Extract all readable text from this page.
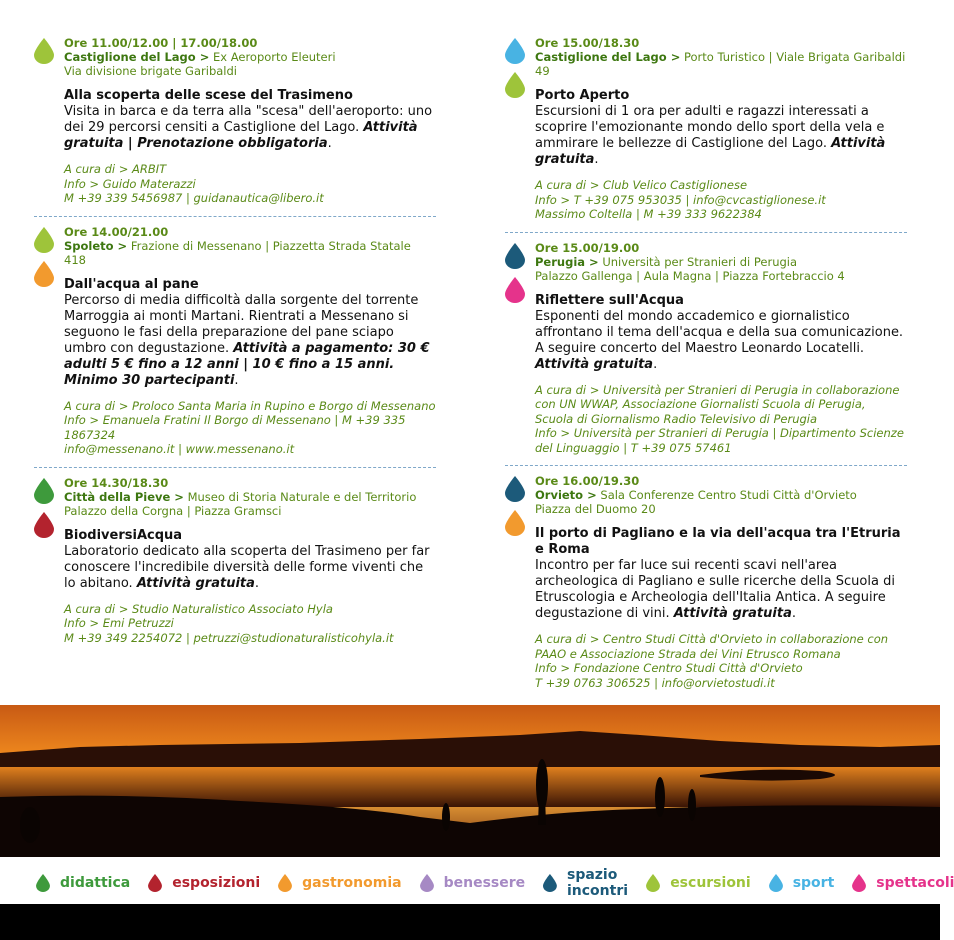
Ore 11.00/12.00 | 17.00/18.00
Castiglione del Lago > Ex Aeroporto Eleuteri
Via divisione brigate Garibaldi
Alla scoperta delle scese del Trasimeno
Visita in barca e da terra alla "scesa" dell'aeroporto: uno dei 29 percorsi censiti a Castiglione del Lago. Attività gratuita | Prenotazione obbligatoria.
A cura di > ARBIT
Info > Guido Materazzi
M +39 339 5456987 | guidanautica@libero.it
Ore 14.00/21.00
Spoleto > Frazione di Messenano | Piazzetta Strada Statale 418
Dall'acqua al pane
Percorso di media difficoltà dalla sorgente del torrente Marroggia ai monti Martani. Rientrati a Messenano si seguono le fasi della preparazione del pane sciapo umbro con degustazione. Attività a pagamento: 30 € adulti 5 € fino a 12 anni | 10 € fino a 15 anni. Minimo 30 partecipanti.
A cura di > Proloco Santa Maria in Rupino e Borgo di Messenano
Info > Emanuela Fratini Il Borgo di Messenano | M +39 335 1867324
info@messenano.it | www.messenano.it
Ore 14.30/18.30
Città della Pieve > Museo di Storia Naturale e del Territorio
Palazzo della Corgna | Piazza Gramsci
BiodiversiAcqua
Laboratorio dedicato alla scoperta del Trasimeno per far conoscere l'incredibile diversità delle forme viventi che lo abitano. Attività gratuita.
A cura di > Studio Naturalistico Associato Hyla
Info > Emi Petruzzi
M +39 349 2254072 | petruzzi@studionaturalisticohyla.it
Ore 15.00/18.30
Castiglione del Lago > Porto Turistico | Viale Brigata Garibaldi 49
Porto Aperto
Escursioni di 1 ora per adulti e ragazzi interessati a scoprire l'emozionante mondo dello sport della vela e ammirare le bellezze di Castiglione del Lago. Attività gratuita.
A cura di > Club Velico Castiglionese
Info > T +39 075 953035 | info@cvcastiglionese.it
Massimo Coltella | M +39 333 9622384
Ore 15.00/19.00
Perugia > Università per Stranieri di Perugia
Palazzo Gallenga | Aula Magna | Piazza Fortebraccio 4
Riflettere sull'Acqua
Esponenti del mondo accademico e giornalistico affrontano il tema dell'acqua e della sua comunicazione. A seguire concerto del Maestro Leonardo Locatelli. Attività gratuita.
A cura di > Università per Stranieri di Perugia in collaborazione con UN WWAP, Associazione Giornalisti Scuola di Perugia, Scuola di Giornalismo Radio Televisivo di Perugia
Info > Università per Stranieri di Perugia | Dipartimento Scienze del Linguaggio | T +39 075 57461
Ore 16.00/19.30
Orvieto > Sala Conferenze Centro Studi Città d'Orvieto
Piazza del Duomo 20
Il porto di Pagliano e la via dell'acqua tra l'Etruria e Roma
Incontro per far luce sui recenti scavi nell'area archeologica di Pagliano e sulle ricerche della Scuola di Etruscologia e Archeologia dell'Italia Antica. A seguire degustazione di vini. Attività gratuita.
A cura di > Centro Studi Città d'Orvieto in collaborazione con PAAO e Associazione Strada dei Vini Etrusco Romana
Info > Fondazione Centro Studi Città d'Orvieto
T +39 0763 306525 | info@orvietostudi.it
didattica	esposizioni	gastronomia	benessere	spazio incontri	escursioni	sport	spettacoli
